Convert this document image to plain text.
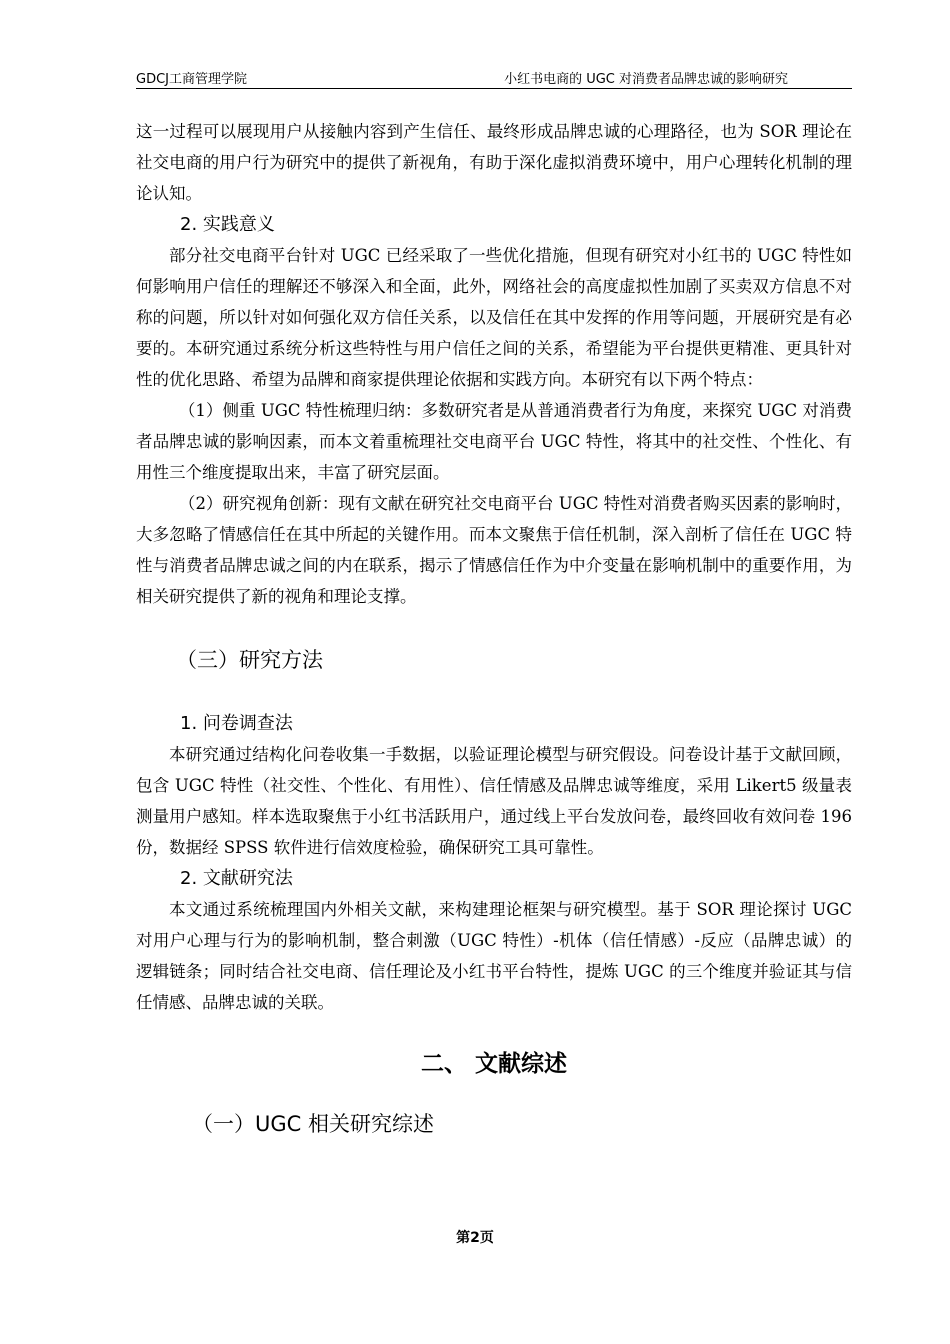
GDCJ工商管理学院	小红书电商的 UGC 对消费者品牌忠诚的影响研究

这一过程可以展现用户从接触内容到产生信任、最终形成品牌忠诚的心理路径，也为 SOR 理论在社交电商的用户行为研究中的提供了新视角，有助于深化虚拟消费环境中，用户心理转化机制的理论认知。

2. 实践意义

部分社交电商平台针对 UGC 已经采取了一些优化措施，但现有研究对小红书的 UGC 特性如何影响用户信任的理解还不够深入和全面，此外，网络社会的高度虚拟性加剧了买卖双方信息不对称的问题，所以针对如何强化双方信任关系，以及信任在其中发挥的作用等问题，开展研究是有必要的。本研究通过系统分析这些特性与用户信任之间的关系，希望能为平台提供更精准、更具针对性的优化思路、希望为品牌和商家提供理论依据和实践方向。本研究有以下两个特点：

（1）侧重 UGC 特性梳理归纳：多数研究者是从普通消费者行为角度，来探究 UGC 对消费者品牌忠诚的影响因素，而本文着重梳理社交电商平台 UGC 特性，将其中的社交性、个性化、有用性三个维度提取出来，丰富了研究层面。

（2）研究视角创新：现有文献在研究社交电商平台 UGC 特性对消费者购买因素的影响时，大多忽略了情感信任在其中所起的关键作用。而本文聚焦于信任机制，深入剖析了信任在 UGC 特性与消费者品牌忠诚之间的内在联系，揭示了情感信任作为中介变量在影响机制中的重要作用，为相关研究提供了新的视角和理论支撑。

（三）研究方法

1. 问卷调查法

本研究通过结构化问卷收集一手数据，以验证理论模型与研究假设。问卷设计基于文献回顾，包含 UGC 特性（社交性、个性化、有用性）、信任情感及品牌忠诚等维度，采用 Likert5 级量表测量用户感知。样本选取聚焦于小红书活跃用户，通过线上平台发放问卷，最终回收有效问卷 196 份，数据经 SPSS 软件进行信效度检验，确保研究工具可靠性。

2. 文献研究法

本文通过系统梳理国内外相关文献，来构建理论框架与研究模型。基于 SOR 理论探讨 UGC 对用户心理与行为的影响机制，整合刺激（UGC 特性）-机体（信任情感）-反应（品牌忠诚）的逻辑链条；同时结合社交电商、信任理论及小红书平台特性，提炼 UGC 的三个维度并验证其与信任情感、品牌忠诚的关联。

二、 文献综述

（一）UGC 相关研究综述

第2页
